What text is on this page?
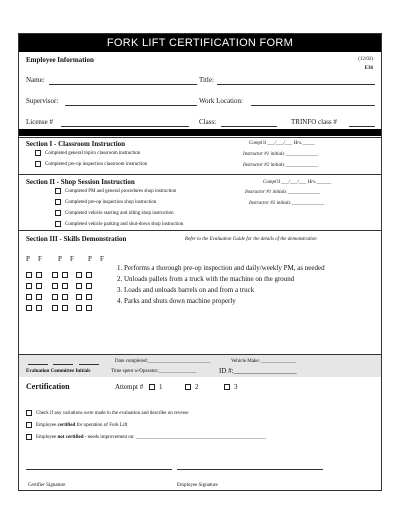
FORK LIFT CERTIFICATION FORM
Employee Information	(12/02)
E36
Name:	Title:
Supervisor:	Work Location:
License #	Class:	TRINFO class #
Section I - Classroom Instruction	Compl'd ___/___/___ Hrs._____
Completed general topics classroom instruction
Completed pre-op inspection classroom instruction
Instructor #1 initials _____________
Instructor #2 initials _____________
Section II - Shop Session Instruction	Compl'd ___/___/___ Hrs.______
Completed PM and general procedures shop instruction
Completed pre-op inspection shop instruction
Completed vehicle starting and idling shop instruction
Completed vehicle parking and shut-down shop instruction
Instructor #1 initials _____________
Instructor #2 initials _____________
Section III - Skills Demonstration	Refer to the Evaluation Guide for the details of the demonstration
P F P F P F
1. Performs a thorough pre-op inspection and daily/weekly PM, as needed
2. Unloads pallets from a truck with the machine on the ground
3. Loads and unloads barrels on and from a truck
4. Parks and shuts down machine properly
Evaluation Committee Initials
Date completed:_________________________
Time spent w/Operator:_______________
Vehicle Make: ______________
ID #:__________________
Certification	Attempt # 1	2	3
Check if any variations were made in the evaluation and describe on reverse
Employee certified for operation of Fork Lift
Employee not certified - needs improvement on: ____________________________________________________
Certifier Signature	Employee Signature
